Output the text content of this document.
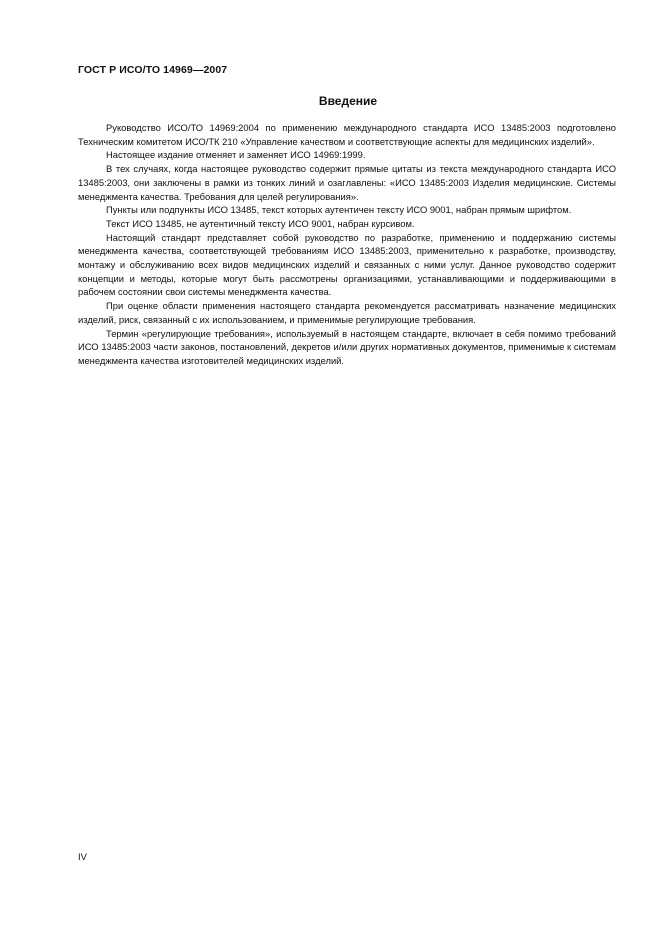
ГОСТ Р ИСО/ТО 14969—2007
Введение

Руководство ИСО/ТО 14969:2004 по применению международного стандарта ИСО 13485:2003 подготовлено Техническим комитетом ИСО/ТК 210 «Управление качеством и соответствующие аспекты для медицинских изделий».

Настоящее издание отменяет и заменяет ИСО 14969:1999.

В тех случаях, когда настоящее руководство содержит прямые цитаты из текста международного стандарта ИСО 13485:2003, они заключены в рамки из тонких линий и озаглавлены: «ИСО 13485:2003 Изделия медицинские. Системы менеджмента качества. Требования для целей регулирования».

Пункты или подпункты ИСО 13485, текст которых аутентичен тексту ИСО 9001, набран прямым шрифтом.

Текст ИСО 13485, не аутентичный тексту ИСО 9001, набран курсивом.

Настоящий стандарт представляет собой руководство по разработке, применению и поддержанию системы менеджмента качества, соответствующей требованиям ИСО 13485:2003, применительно к разработке, производству, монтажу и обслуживанию всех видов медицинских изделий и связанных с ними услуг. Данное руководство содержит концепции и методы, которые могут быть рассмотрены организациями, устанавливающими и поддерживающими в рабочем состоянии свои системы менеджмента качества.

При оценке области применения настоящего стандарта рекомендуется рассматривать назначение медицинских изделий, риск, связанный с их использованием, и применимые регулирующие требования.

Термин «регулирующие требования», используемый в настоящем стандарте, включает в себя помимо требований ИСО 13485:2003 части законов, постановлений, декретов и/или других нормативных документов, применимые к системам менеджмента качества изготовителей медицинских изделий.

IV
